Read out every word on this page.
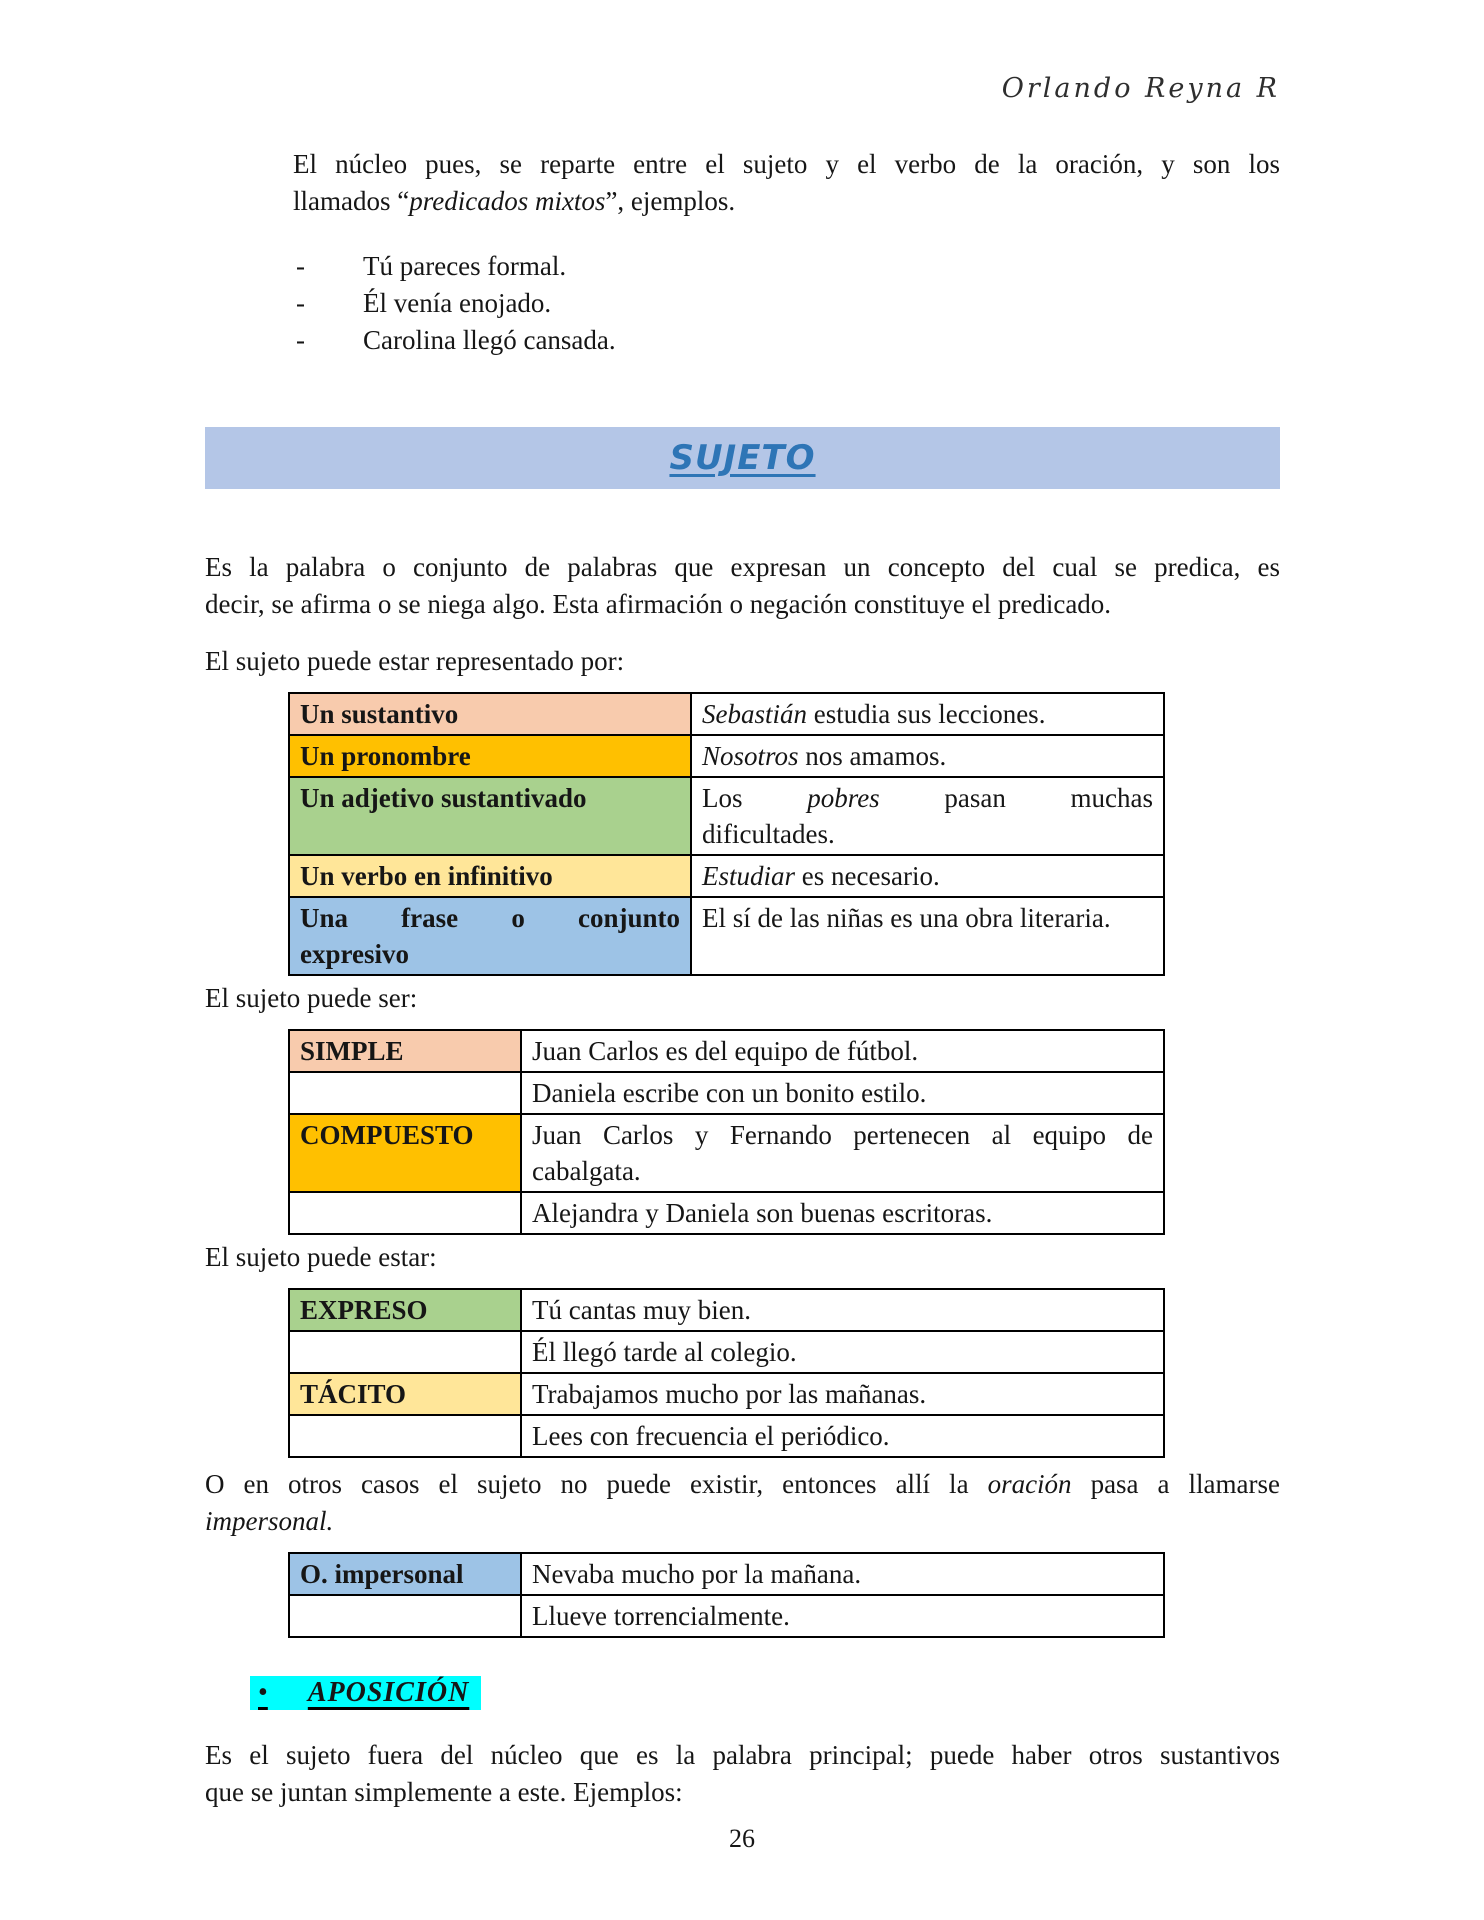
Orlando Reyna R
El núcleo pues, se reparte entre el sujeto y el verbo de la oración, y son los
llamados “predicados mixtos”, ejemplos.
-	Tú pareces formal.
-	Él venía enojado.
-	Carolina llegó cansada.
SUJETO
Es la palabra o conjunto de palabras que expresan un concepto del cual se predica, es
decir, se afirma o se niega algo. Esta afirmación o negación constituye el predicado.
El sujeto puede estar representado por:
Un sustantivo	Sebastián estudia sus lecciones.
Un pronombre	Nosotros nos amamos.
Un adjetivo sustantivado	Los pobres pasan muchas
dificultades.

Un verbo en infinitivo	Estudiar es necesario.

Una frase o conjunto
expresivo	El sí de las niñas es una obra literaria.
El sujeto puede ser:
SIMPLE	Juan Carlos es del equipo de fútbol.
	Daniela escribe con un bonito estilo.
COMPUESTO	Juan Carlos y Fernando pertenecen al equipo de
cabalgata.

	Alejandra y Daniela son buenas escritoras.
El sujeto puede estar:
EXPRESO	Tú cantas muy bien.
	Él llegó tarde al colegio.
TÁCITO	Trabajamos mucho por las mañanas.
	Lees con frecuencia el periódico.
O en otros casos el sujeto no puede existir, entonces allí la oración pasa a llamarse
impersonal.
O. impersonal	Nevaba mucho por la mañana.
	Llueve torrencialmente.
• APOSICIÓN
Es el sujeto fuera del núcleo que es la palabra principal; puede haber otros sustantivos
que se juntan simplemente a este. Ejemplos:
26
